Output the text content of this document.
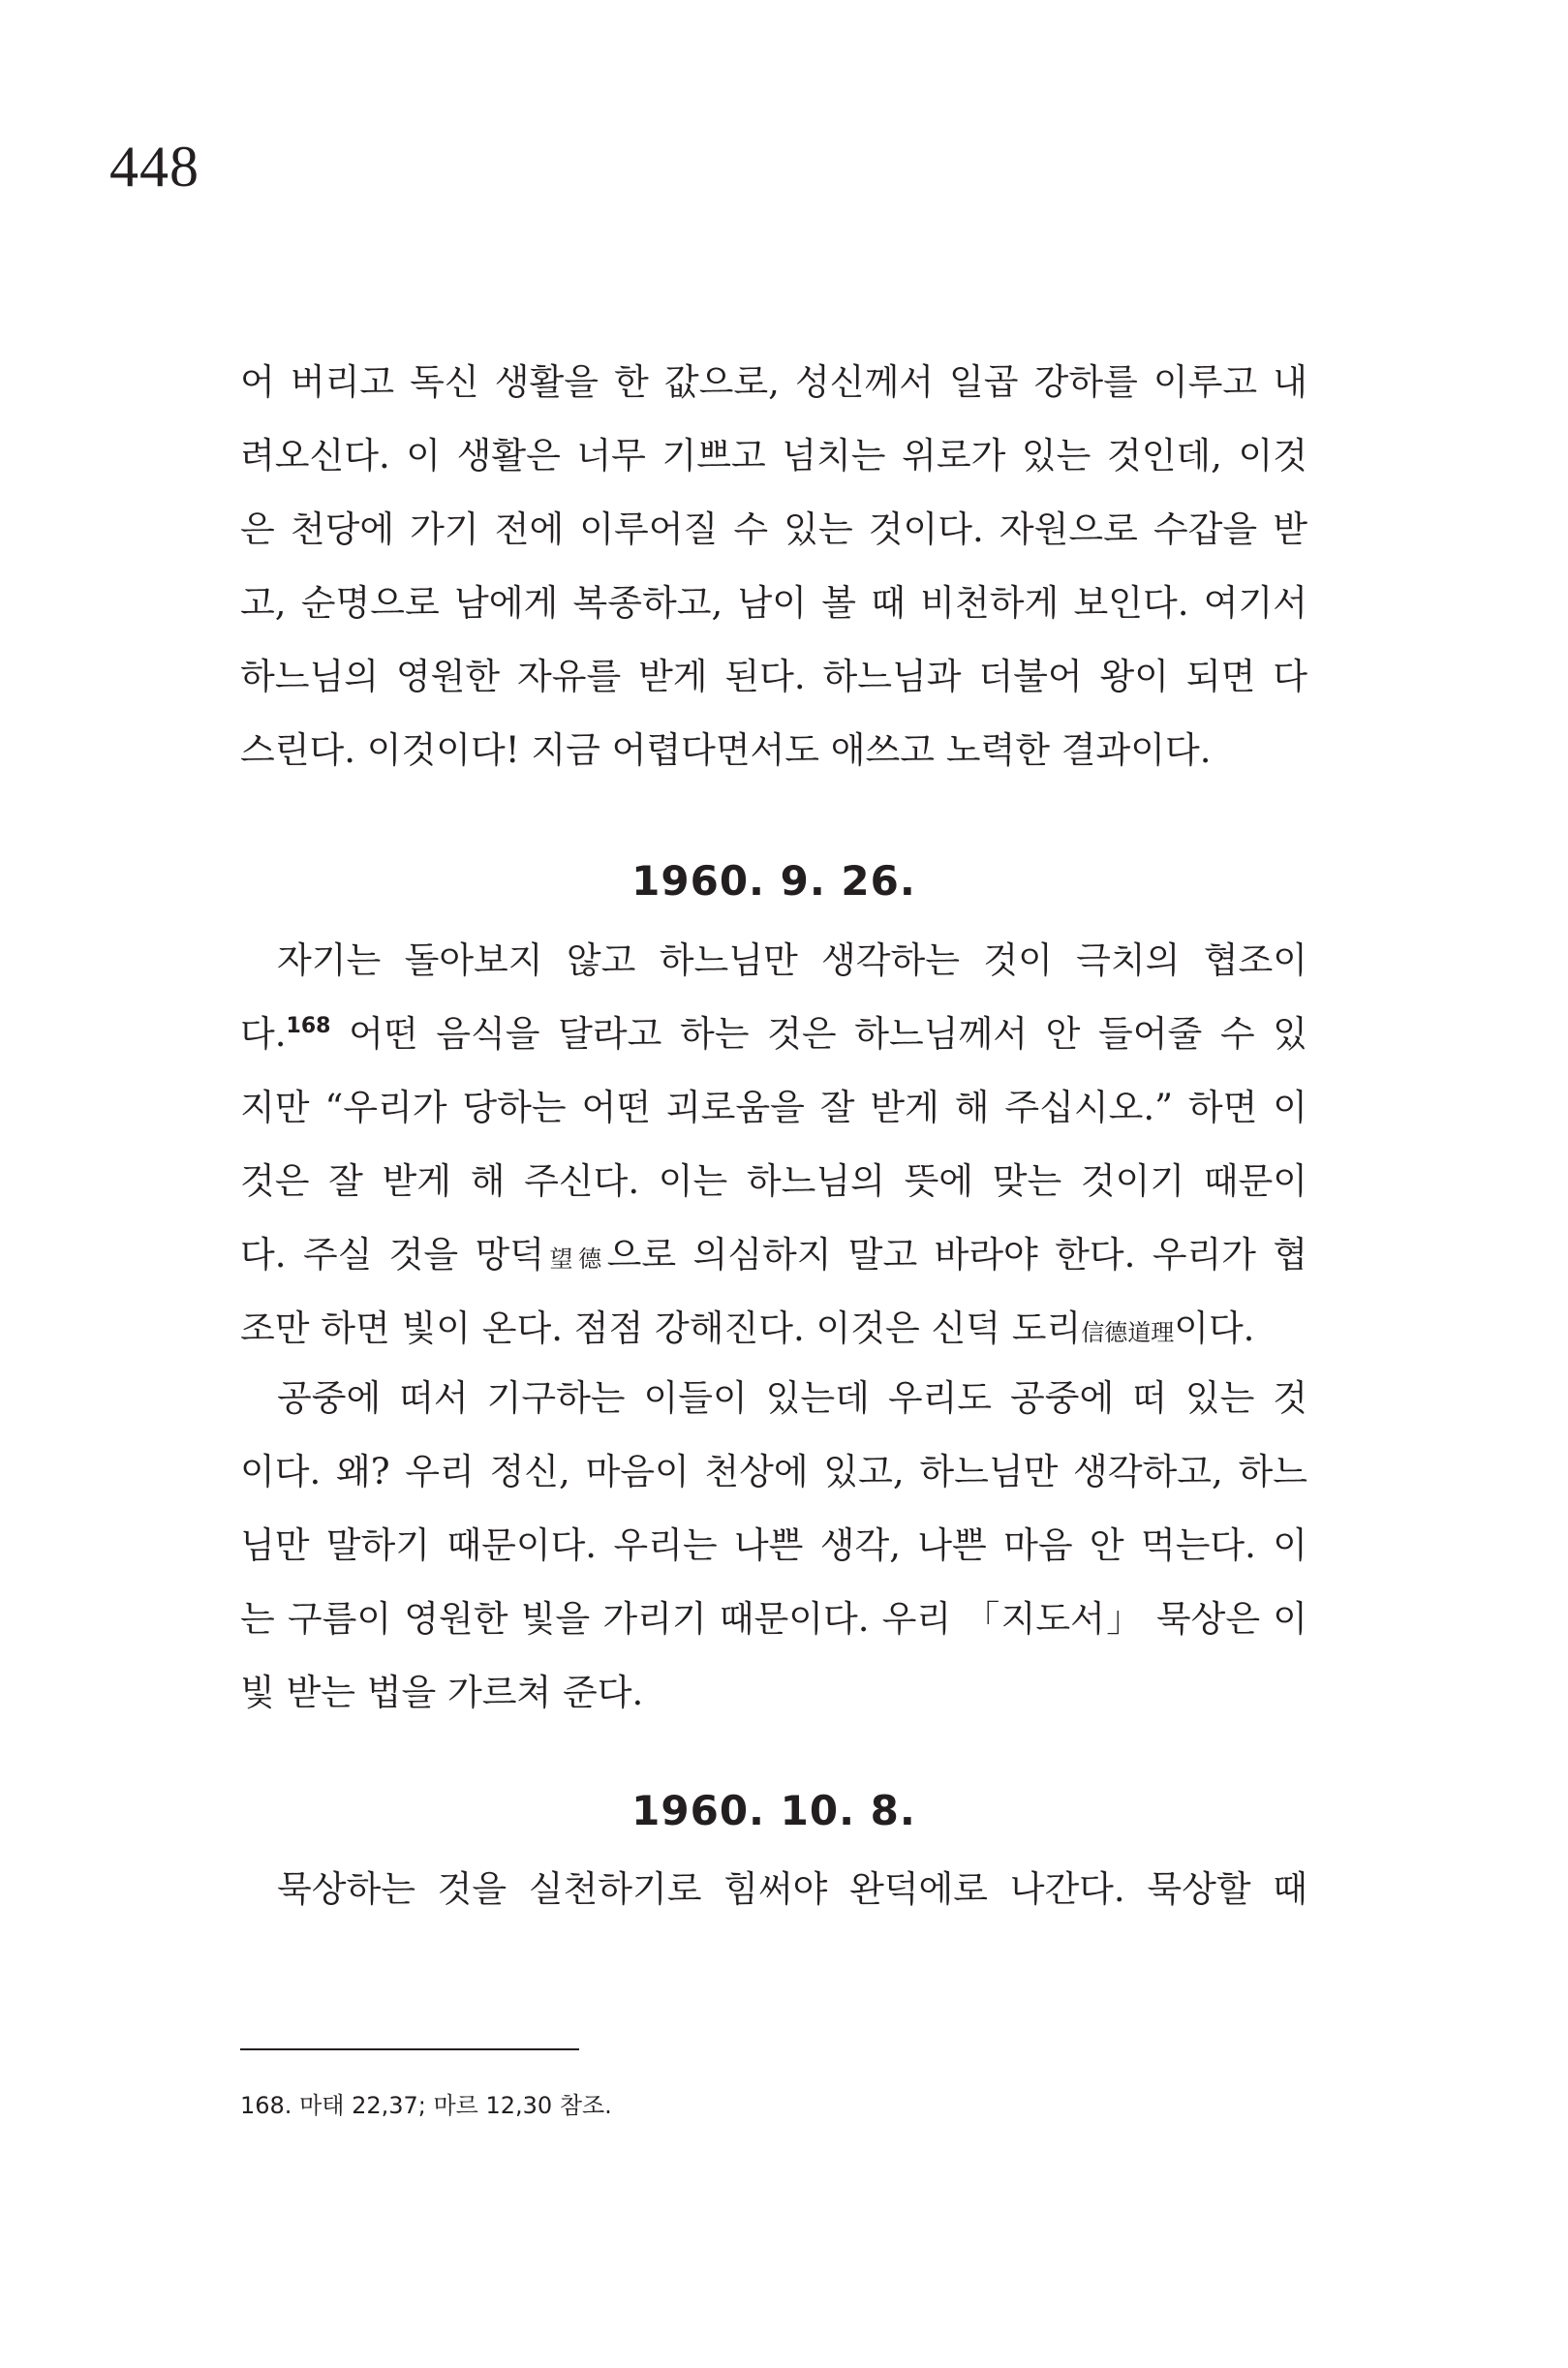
448
어 버리고 독신 생활을 한 값으로, 성신께서 일곱 강하를 이루고 내
려오신다. 이 생활은 너무 기쁘고 넘치는 위로가 있는 것인데, 이것
은 천당에 가기 전에 이루어질 수 있는 것이다. 자원으로 수갑을 받
고, 순명으로 남에게 복종하고, 남이 볼 때 비천하게 보인다. 여기서
하느님의 영원한 자유를 받게 된다. 하느님과 더불어 왕이 되면 다
스린다. 이것이다! 지금 어렵다면서도 애쓰고 노력한 결과이다.
1960. 9. 26.
자기는 돌아보지 않고 하느님만 생각하는 것이 극치의 협조이
다.$^{168}$ 어떤 음식을 달라고 하는 것은 하느님께서 안 들어줄 수 있
지만 “우리가 당하는 어떤 괴로움을 잘 받게 해 주십시오.” 하면 이
것은 잘 받게 해 주신다. 이는 하느님의 뜻에 맞는 것이기 때문이
다. 주실 것을 망덕望德으로 의심하지 말고 바라야 한다. 우리가 협
조만 하면 빛이 온다. 점점 강해진다. 이것은 신덕 도리信德道理이다.
공중에 떠서 기구하는 이들이 있는데 우리도 공중에 떠 있는 것
이다. 왜? 우리 정신, 마음이 천상에 있고, 하느님만 생각하고, 하느
님만 말하기 때문이다. 우리는 나쁜 생각, 나쁜 마음 안 먹는다. 이
는 구름이 영원한 빛을 가리기 때문이다. 우리 「지도서」 묵상은 이
빛 받는 법을 가르쳐 준다.
1960. 10. 8.
묵상하는 것을 실천하기로 힘써야 완덕에로 나간다. 묵상할 때
168. 마태 22,37; 마르 12,30 참조.
